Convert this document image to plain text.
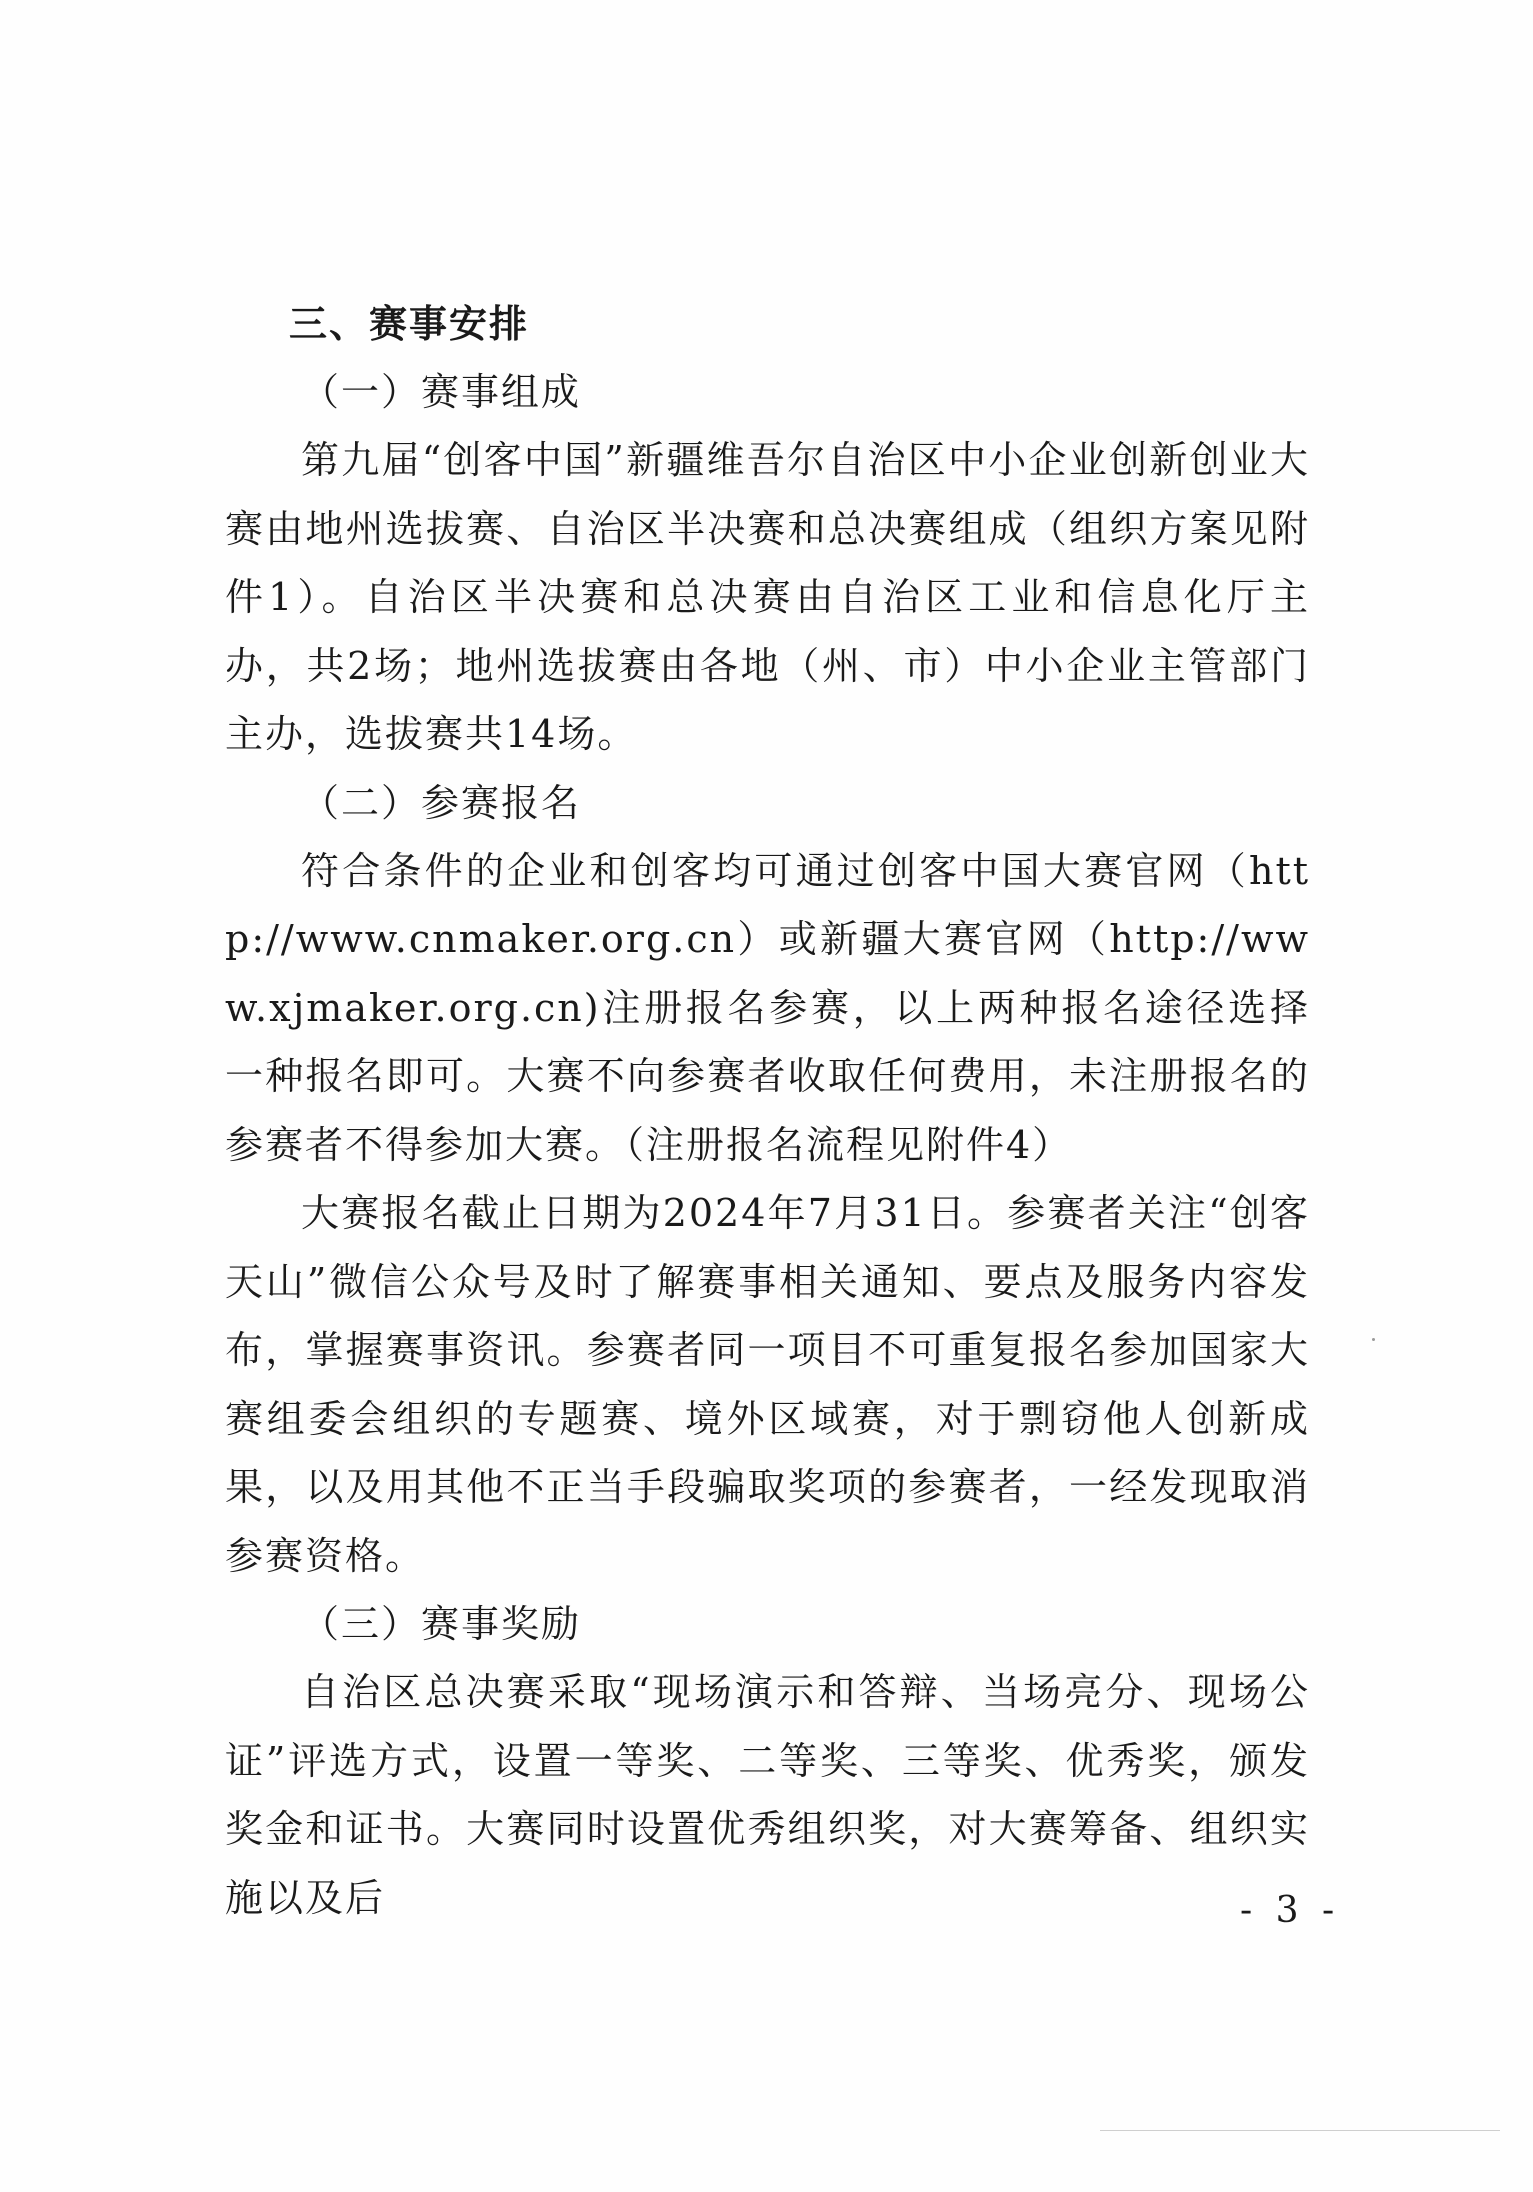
三、赛事安排
（一）赛事组成

第九届“创客中国”新疆维吾尔自治区中小企业创新创业大赛由地州选拔赛、自治区半决赛和总决赛组成（组织方案见附件1）。自治区半决赛和总决赛由自治区工业和信息化厅主办，共2场；地州选拔赛由各地（州、市）中小企业主管部门主办，选拔赛共14场。

（二）参赛报名

符合条件的企业和创客均可通过创客中国大赛官网（http://www.cnmaker.org.cn）或新疆大赛官网（http://www.xjmaker.org.cn)注册报名参赛，以上两种报名途径选择一种报名即可。大赛不向参赛者收取任何费用，未注册报名的参赛者不得参加大赛。（注册报名流程见附件4）

大赛报名截止日期为2024年7月31日。参赛者关注“创客天山”微信公众号及时了解赛事相关通知、要点及服务内容发布，掌握赛事资讯。参赛者同一项目不可重复报名参加国家大赛组委会组织的专题赛、境外区域赛，对于剽窃他人创新成果，以及用其他不正当手段骗取奖项的参赛者，一经发现取消参赛资格。

（三）赛事奖励

自治区总决赛采取“现场演示和答辩、当场亮分、现场公证”评选方式，设置一等奖、二等奖、三等奖、优秀奖，颁发奖金和证书。大赛同时设置优秀组织奖，对大赛筹备、组织实施以及后	- 3 -
